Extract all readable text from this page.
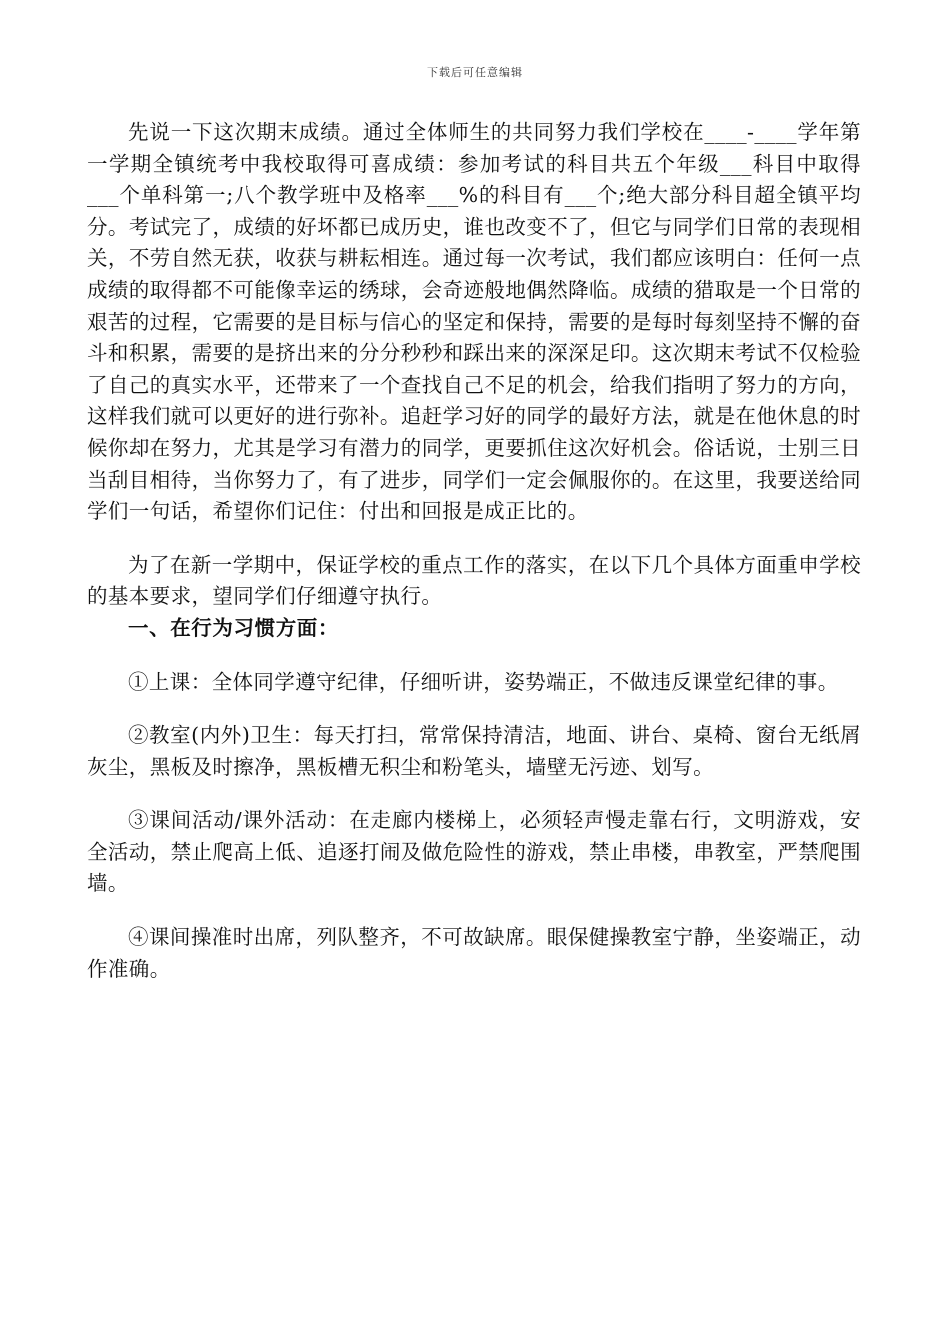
下载后可任意编辑

先说一下这次期末成绩。通过全体师生的共同努力我们学校在____-____学年第一学期全镇统考中我校取得可喜成绩：参加考试的科目共五个年级___科目中取得___个单科第一;八个教学班中及格率___%的科目有___个;绝大部分科目超全镇平均分。考试完了，成绩的好坏都已成历史，谁也改变不了，但它与同学们日常的表现相关，不劳自然无获，收获与耕耘相连。通过每一次考试，我们都应该明白：任何一点成绩的取得都不可能像幸运的绣球，会奇迹般地偶然降临。成绩的猎取是一个日常的艰苦的过程，它需要的是目标与信心的坚定和保持，需要的是每时每刻坚持不懈的奋斗和积累，需要的是挤出来的分分秒秒和踩出来的深深足印。这次期末考试不仅检验了自己的真实水平，还带来了一个查找自己不足的机会，给我们指明了努力的方向，这样我们就可以更好的进行弥补。追赶学习好的同学的最好方法，就是在他休息的时候你却在努力，尤其是学习有潜力的同学，更要抓住这次好机会。俗话说，士别三日当刮目相待，当你努力了，有了进步，同学们一定会佩服你的。在这里，我要送给同学们一句话，希望你们记住：付出和回报是成正比的。

为了在新一学期中，保证学校的重点工作的落实，在以下几个具体方面重申学校的基本要求，望同学们仔细遵守执行。

一、在行为习惯方面：

①上课：全体同学遵守纪律，仔细听讲，姿势端正，不做违反课堂纪律的事。

②教室(内外)卫生：每天打扫，常常保持清洁，地面、讲台、桌椅、窗台无纸屑灰尘，黑板及时擦净，黑板槽无积尘和粉笔头，墙壁无污迹、划写。

③课间活动/课外活动：在走廊内楼梯上，必须轻声慢走靠右行，文明游戏，安全活动，禁止爬高上低、追逐打闹及做危险性的游戏，禁止串楼，串教室，严禁爬围墙。

④课间操准时出席，列队整齐，不可故缺席。眼保健操教室宁静，坐姿端正，动作准确。
